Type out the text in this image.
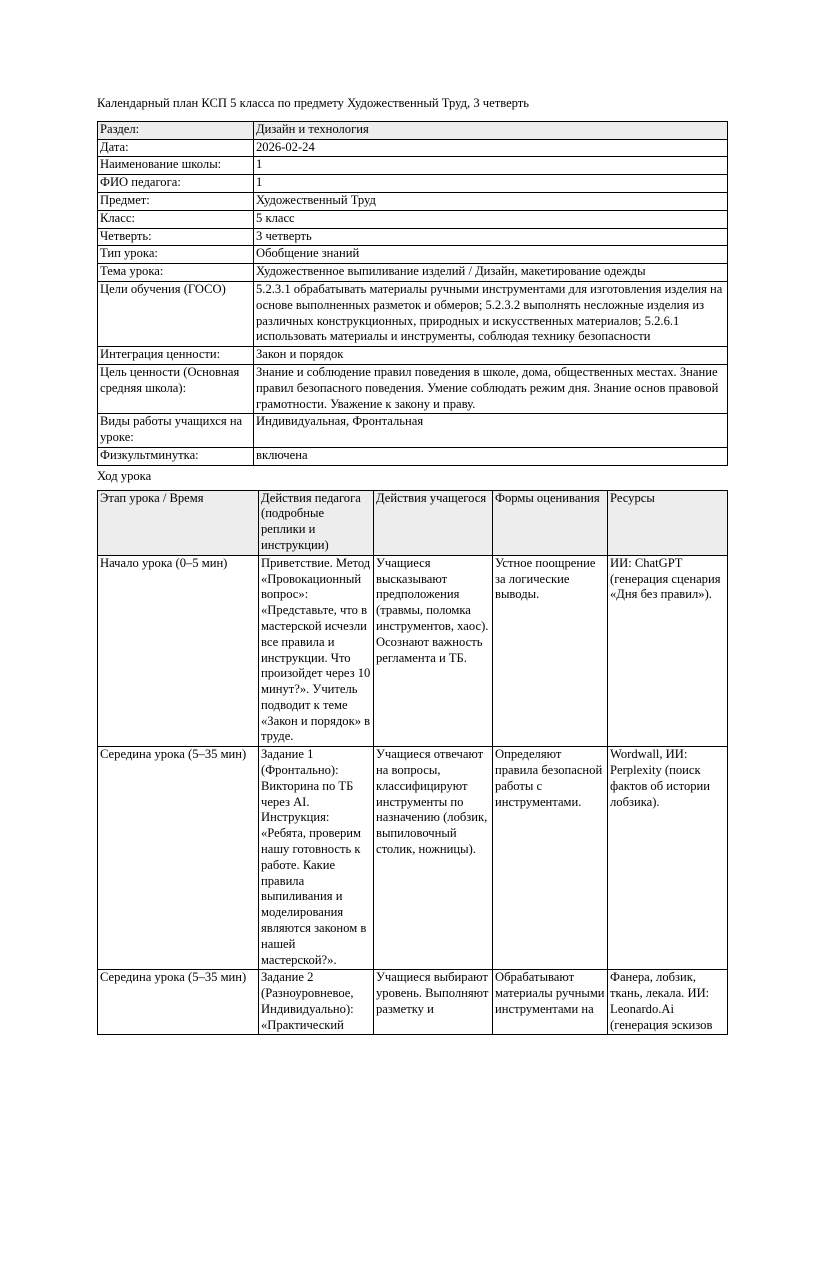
Календарный план КСП 5 класса по предмету Художественный Труд, 3 четверть

Раздел:	Дизайн и технология
Дата:	2026-02-24
Наименование школы:	1
ФИО педагога:	1
Предмет:	Художественный Труд
Класс:	5 класс
Четверть:	3 четверть
Тип урока:	Обобщение знаний
Тема урока:	Художественное выпиливание изделий / Дизайн, макетирование одежды
Цели обучения (ГОСО)	5.2.3.1 обрабатывать материалы ручными инструментами для изготовления изделия на основе выполненных разметок и обмеров; 5.2.3.2 выполнять несложные изделия из различных конструкционных, природных и искусственных материалов; 5.2.6.1 использовать материалы и инструменты, соблюдая технику безопасности
Интеграция ценности:	Закон и порядок
Цель ценности (Основная средняя школа):	Знание и соблюдение правил поведения в школе, дома, общественных местах. Знание правил безопасного поведения. Умение соблюдать режим дня. Знание основ правовой грамотности. Уважение к закону и праву.
Виды работы учащихся на уроке:	Индивидуальная, Фронтальная
Физкультминутка:	включена

Ход урока

Этап урока / Время	Действия педагога (подробные реплики и инструкции)	Действия учащегося	Формы оценивания	Ресурсы
Начало урока (0–5 мин)	Приветствие. Метод «Провокационный вопрос»: «Представьте, что в мастерской исчезли все правила и инструкции. Что произойдет через 10 минут?». Учитель подводит к теме «Закон и порядок» в труде.	Учащиеся высказывают предположения (травмы, поломка инструментов, хаос). Осознают важность регламента и ТБ.	Устное поощрение за логические выводы.	ИИ: ChatGPT (генерация сценария «Дня без правил»).
Середина урока (5–35 мин)	Задание 1 (Фронтально): Викторина по ТБ через AI. Инструкция: «Ребята, проверим нашу готовность к работе. Какие правила выпиливания и моделирования являются законом в нашей мастерской?».	Учащиеся отвечают на вопросы, классифицируют инструменты по назначению (лобзик, выпиловочный столик, ножницы).	Определяют правила безопасной работы с инструментами.	Wordwall, ИИ: Perplexity (поиск фактов об истории лобзика).

Середина урока (5–35 мин)	Задание 2 (Разноуровневое, Индивидуально): «Практический	Учащиеся выбирают уровень. Выполняют разметку и	Обрабатывают материалы ручными инструментами на	Фанера, лобзик, ткань, лекала. ИИ: Leonardo.Ai (генерация эскизов
